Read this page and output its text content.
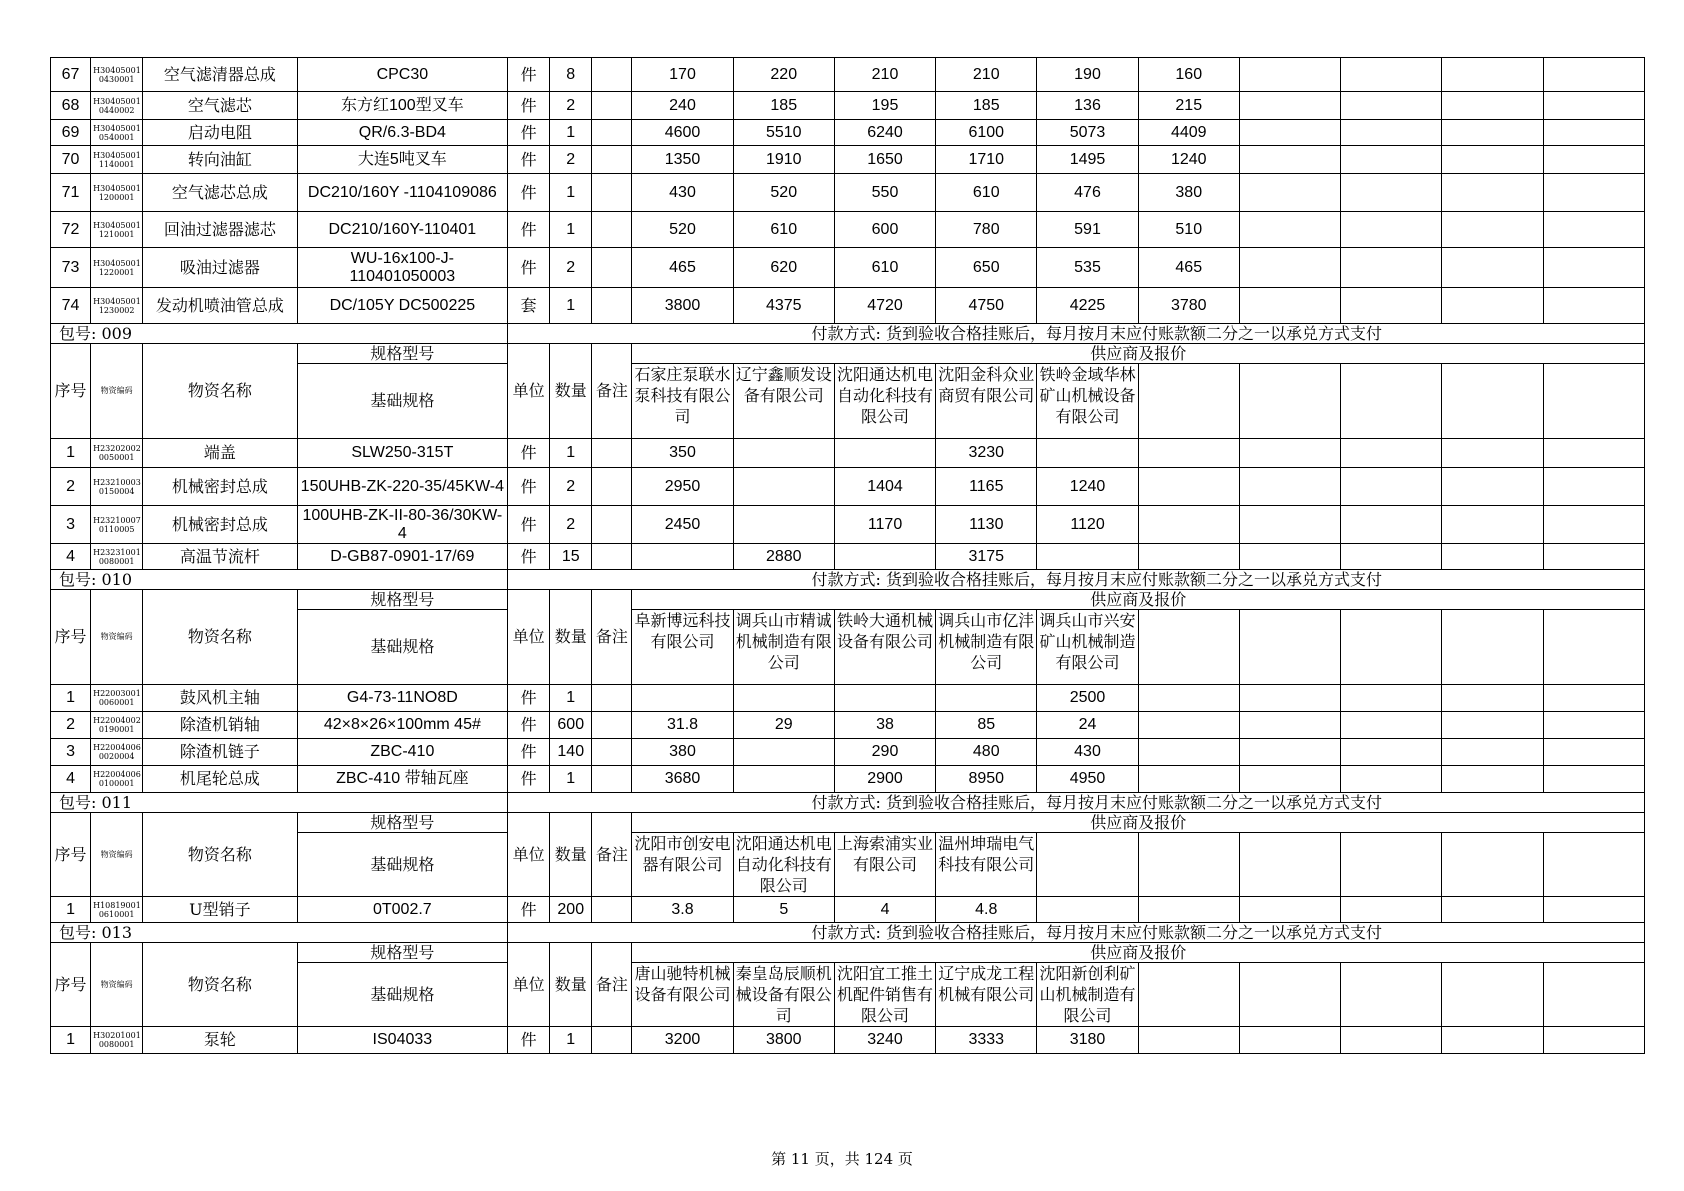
67	H30405001 0430001	空气滤清器总成	CPC30	件	8		170	220	210	210	190	160				
68	H30405001 0440002	空气滤芯	东方红100型叉车	件	2		240	185	195	185	136	215				
69	H30405001 0540001	启动电阻	QR/6.3-BD4	件	1		4600	5510	6240	6100	5073	4409				
70	H30405001 1140001	转向油缸	大连5吨叉车	件	2		1350	1910	1650	1710	1495	1240				
71	H30405001 1200001	空气滤芯总成	DC210/160Y -1104109086	件	1		430	520	550	610	476	380				
72	H30405001 1210001	回油过滤器滤芯	DC210/160Y-110401	件	1		520	610	600	780	591	510				
73	H30405001 1220001	吸油过滤器	WU-16x100-J-110401050003	件	2		465	620	610	650	535	465				
74	H30405001 1230002	发动机喷油管总成	DC/105Y DC500225	套	1		3800	4375	4720	4750	4225	3780				
包号: 009				付款方式: 货到验收合格挂账后，每月按月末应付账款额二分之一以承兑方式支付												
序号	物资编码	物资名称	规格型号	单位	数量	备注	供应商及报价									
			基础规格				石家庄泵联水泵科技有限公司	辽宁鑫顺发设备有限公司	沈阳通达机电自动化科技有限公司	沈阳金科众业商贸有限公司	铁岭金域华林矿山机械设备有限公司					
1	H23202002 0050001	端盖	SLW250-315T	件	1		350			3230						
2	H23210003 0150004	机械密封总成	150UHB-ZK-220-35/45KW-4	件	2		2950		1404	1165	1240					
3	H23210007 0110005	机械密封总成	100UHB-ZK-II-80-36/30KW-4	件	2		2450		1170	1130	1120					
4	H23231001 0080001	高温节流杆	D-GB87-0901-17/69	件	15			2880		3175						
包号: 010				付款方式: 货到验收合格挂账后，每月按月末应付账款额二分之一以承兑方式支付												
序号	物资编码	物资名称	规格型号	单位	数量	备注	供应商及报价									
			基础规格				阜新博远科技有限公司	调兵山市精诚机械制造有限公司	铁岭大通机械设备有限公司	调兵山市亿沣机械制造有限公司	调兵山市兴安矿山机械制造有限公司					
1	H22003001 0060001	鼓风机主轴	G4-73-11NO8D	件	1						2500					
2	H22004002 0190001	除渣机销轴	42×8×26×100mm 45#	件	600		31.8	29	38	85	24					
3	H22004006 0020004	除渣机链子	ZBC-410	件	140		380		290	480	430					
4	H22004006 0100001	机尾轮总成	ZBC-410 带轴瓦座	件	1		3680		2900	8950	4950					
包号: 011				付款方式: 货到验收合格挂账后，每月按月末应付账款额二分之一以承兑方式支付												
序号	物资编码	物资名称	规格型号	单位	数量	备注	供应商及报价									
			基础规格				沈阳市创安电器有限公司	沈阳通达机电自动化科技有限公司	上海索浦实业有限公司	温州坤瑞电气科技有限公司						
1	H10819001 0610001	U型销子	0T002.7	件	200		3.8	5	4	4.8						
包号: 013				付款方式: 货到验收合格挂账后，每月按月末应付账款额二分之一以承兑方式支付												
序号	物资编码	物资名称	规格型号	单位	数量	备注	供应商及报价									
			基础规格				唐山驰特机械设备有限公司	秦皇岛辰顺机械设备有限公司	沈阳宜工推土机配件销售有限公司	辽宁成龙工程机械有限公司	沈阳新创利矿山机械制造有限公司					
1	H30201001 0080001	泵轮	IS04033	件	1		3200	3800	3240	3333	3180					
第 11 页，共 124 页
